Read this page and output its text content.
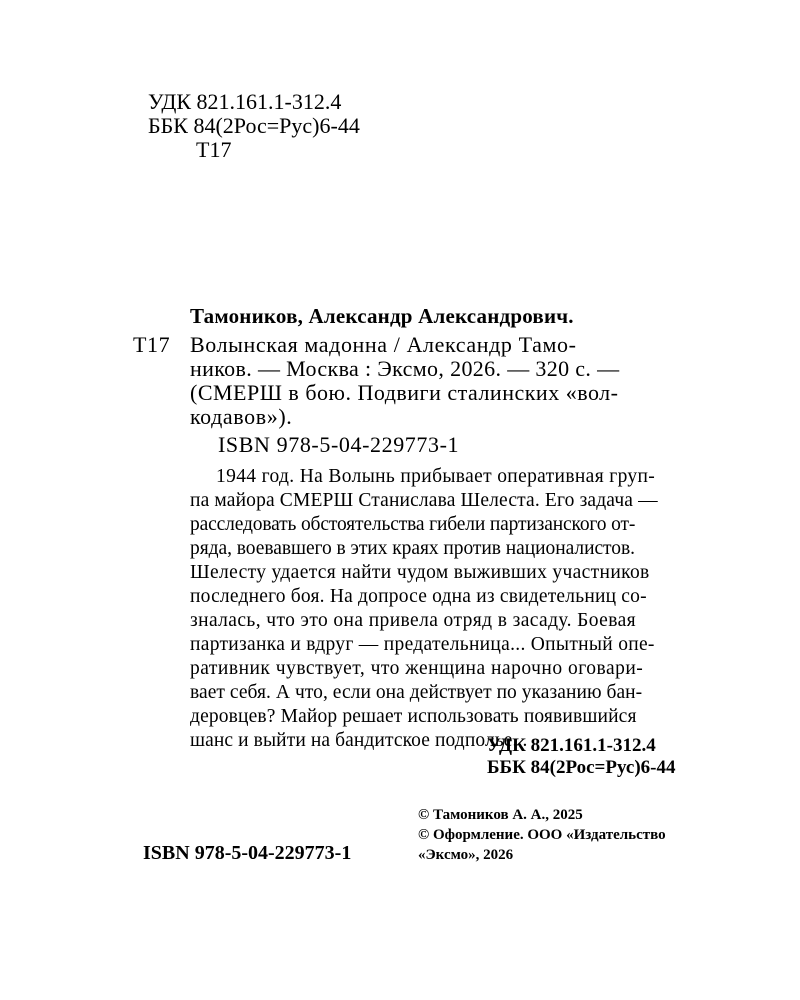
УДК 821.161.1-312.4
ББК 84(2Рос=Рус)6-44
Т17
Тамоников, Александр Александрович.
Т17 Волынская мадонна / Александр Тамо-
ников. — Москва : Эксмо, 2026. — 320 с. —
(СМЕРШ в бою. Подвиги сталинских «вол-
кодавов»).
ISBN 978-5-04-229773-1
1944 год. На Волынь прибывает оперативная груп-
па майора СМЕРШ Станислава Шелеста. Его задача —
расследовать обстоятельства гибели партизанского от-
ряда, воевавшего в этих краях против националистов.
Шелесту удается найти чудом выживших участников
последнего боя. На допросе одна из свидетельниц со-
зналась, что это она привела отряд в засаду. Боевая
партизанка и вдруг — предательница... Опытный опе-
ративник чувствует, что женщина нарочно оговари-
вает себя. А что, если она действует по указанию бан-
деровцев? Майор решает использовать появившийся
шанс и выйти на бандитское подполье...
УДК 821.161.1-312.4
ББК 84(2Рос=Рус)6-44
ISBN 978-5-04-229773-1
© Тамоников А. А., 2025
© Оформление. ООО «Издательство
«Эксмо», 2026
